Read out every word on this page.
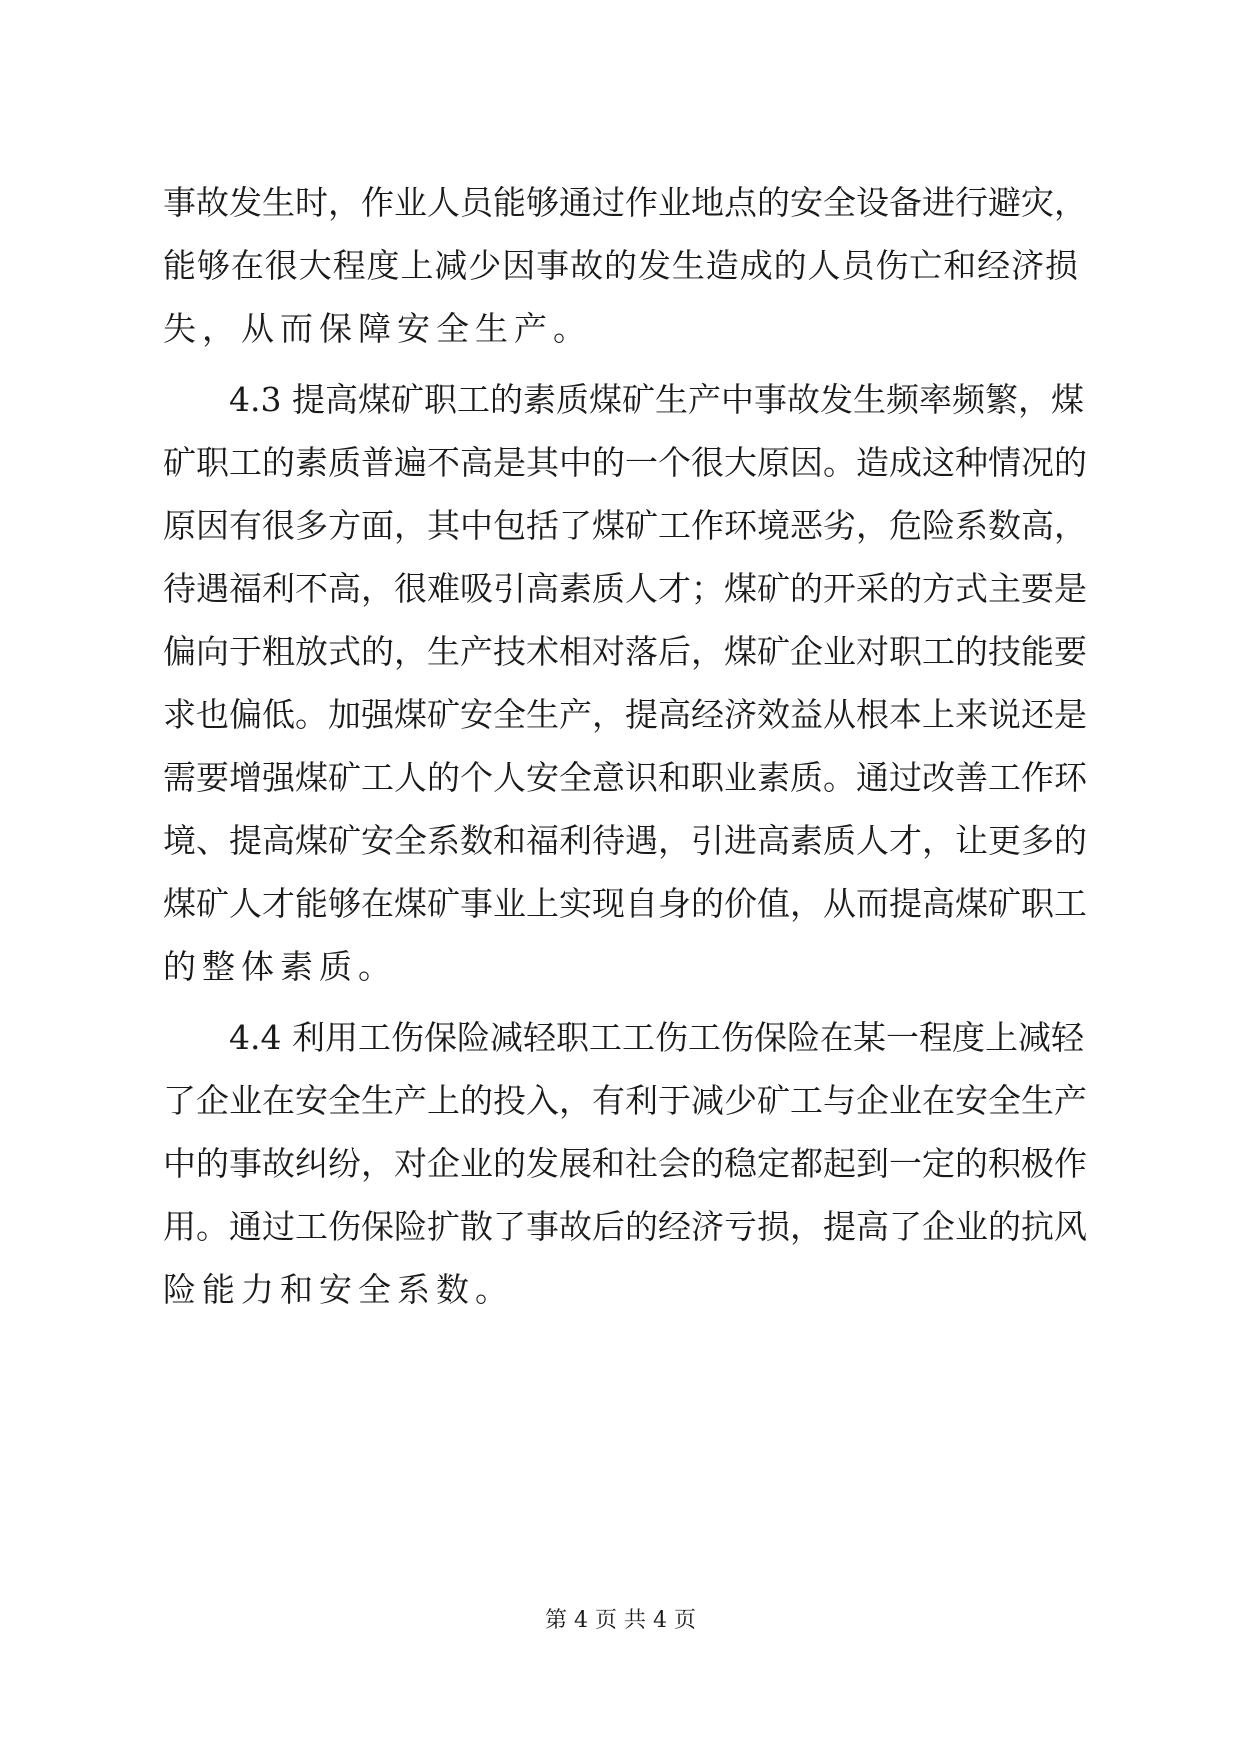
事故发生时，作业人员能够通过作业地点的安全设备进行避灾，
能够在很大程度上减少因事故的发生造成的人员伤亡和经济损
失，从而保障安全生产。
4.3 提高煤矿职工的素质煤矿生产中事故发生频率频繁，煤
矿职工的素质普遍不高是其中的一个很大原因。造成这种情况的
原因有很多方面，其中包括了煤矿工作环境恶劣，危险系数高，
待遇福利不高，很难吸引高素质人才；煤矿的开采的方式主要是
偏向于粗放式的，生产技术相对落后，煤矿企业对职工的技能要
求也偏低。加强煤矿安全生产，提高经济效益从根本上来说还是
需要增强煤矿工人的个人安全意识和职业素质。通过改善工作环
境、提高煤矿安全系数和福利待遇，引进高素质人才，让更多的
煤矿人才能够在煤矿事业上实现自身的价值，从而提高煤矿职工
的整体素质。
4.4 利用工伤保险减轻职工工伤工伤保险在某一程度上减轻
了企业在安全生产上的投入，有利于减少矿工与企业在安全生产
中的事故纠纷，对企业的发展和社会的稳定都起到一定的积极作
用。通过工伤保险扩散了事故后的经济亏损，提高了企业的抗风
险能力和安全系数。
第 4 页 共 4 页
